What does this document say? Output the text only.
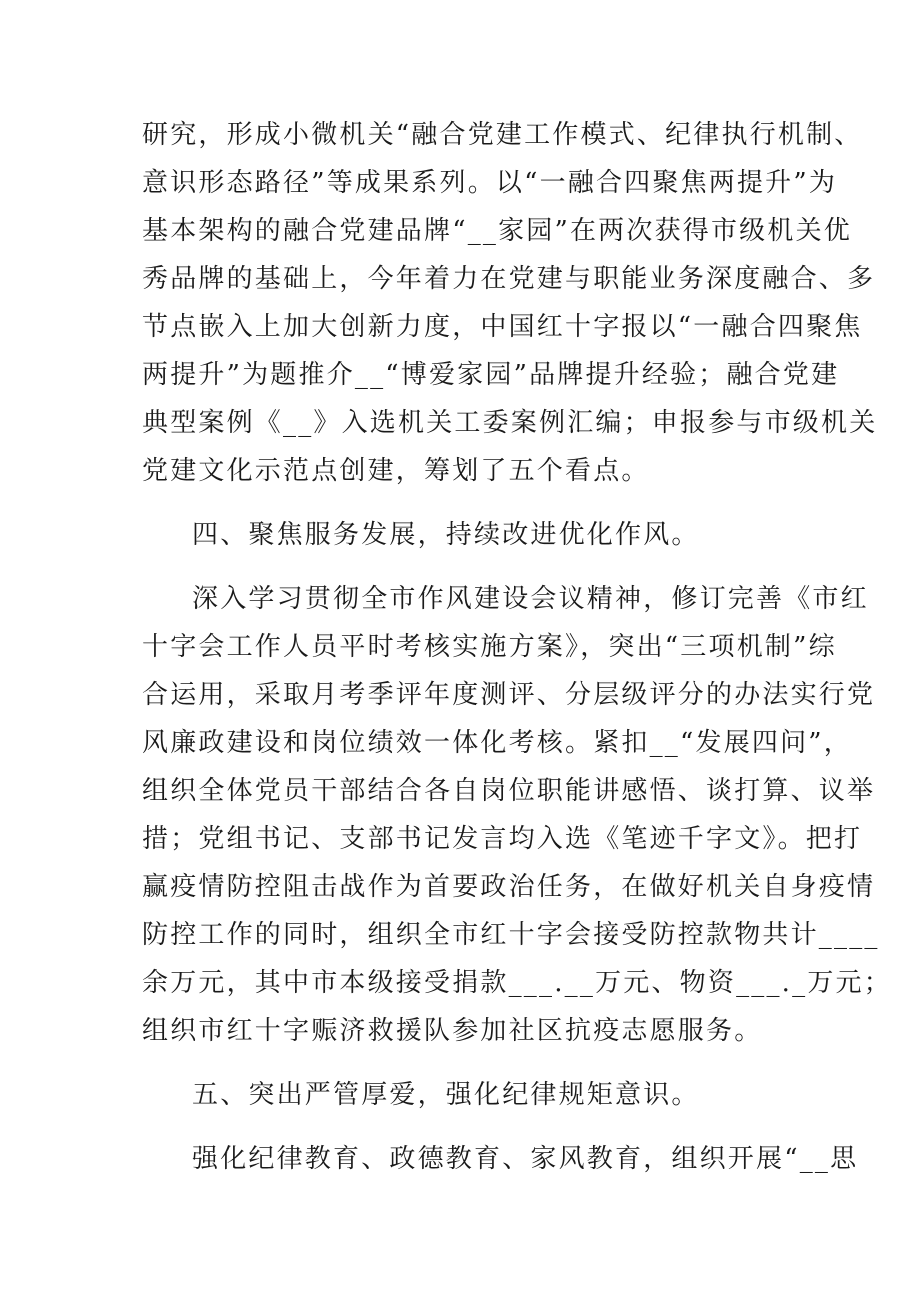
研究，形成小微机关“融合党建工作模式、纪律执行机制、
意识形态路径”等成果系列。以“一融合四聚焦两提升”为
基本架构的融合党建品牌“__家园”在两次获得市级机关优
秀品牌的基础上，今年着力在党建与职能业务深度融合、多
节点嵌入上加大创新力度，中国红十字报以“一融合四聚焦
两提升”为题推介__“博爱家园”品牌提升经验；融合党建
典型案例《__》入选机关工委案例汇编；申报参与市级机关
党建文化示范点创建，筹划了五个看点。
四、聚焦服务发展，持续改进优化作风。
深入学习贯彻全市作风建设会议精神，修订完善《市红
十字会工作人员平时考核实施方案》，突出“三项机制”综
合运用，采取月考季评年度测评、分层级评分的办法实行党
风廉政建设和岗位绩效一体化考核。紧扣__“发展四问”，
组织全体党员干部结合各自岗位职能讲感悟、谈打算、议举
措；党组书记、支部书记发言均入选《笔迹千字文》。把打
赢疫情防控阻击战作为首要政治任务，在做好机关自身疫情
防控工作的同时，组织全市红十字会接受防控款物共计____
余万元，其中市本级接受捐款___.__万元、物资___._万元；
组织市红十字赈济救援队参加社区抗疫志愿服务。
五、突出严管厚爱，强化纪律规矩意识。
强化纪律教育、政德教育、家风教育，组织开展“__思
